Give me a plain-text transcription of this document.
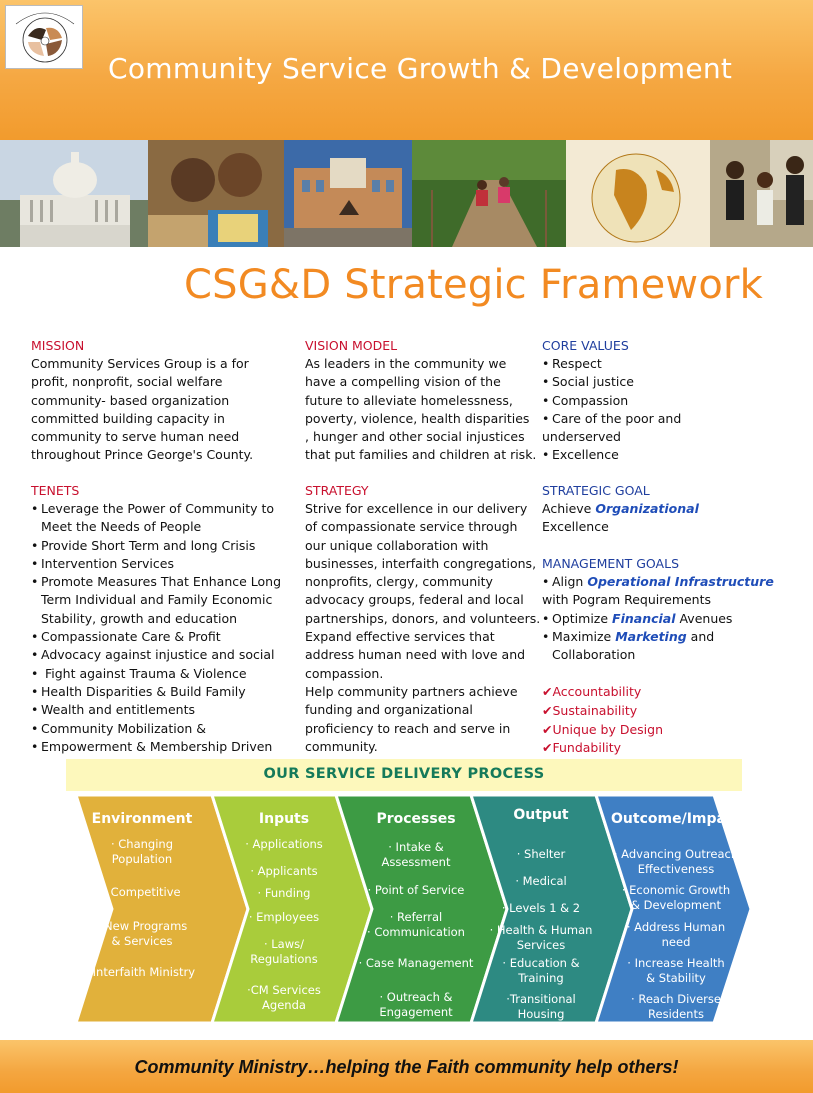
Community Service Growth & Development
CSG&D Strategic Framework
MISSION

Community Services Group is a for

profit, nonprofit, social welfare

community- based organization

committed building capacity in

community to serve human need

throughout Prince George's County.

VISION MODEL

As leaders in the community we

have a compelling vision of the

future to alleviate homelessness,

poverty, violence, health disparities

, hunger and other social injustices

that put families and children at risk.

CORE VALUES
• Respect
• Social justice
• Compassion
• Care of the poor and
underserved
• Excellence
TENETS
• Leverage the Power of Community to
Meet the Needs of People
• Provide Short Term and long Crisis
• Intervention Services
• Promote Measures That Enhance Long
Term Individual and Family Economic
Stability, growth and education
• Compassionate Care & Profit
• Advocacy against injustice and social
• Fight against Trauma & Violence
• Health Disparities & Build Family
• Wealth and entitlements
• Community Mobilization &
• Empowerment & Membership Driven
STRATEGY

Strive for excellence in our delivery

of compassionate service through

our unique collaboration with

businesses, interfaith congregations,

nonprofits, clergy, community

advocacy groups, federal and local

partnerships, donors, and volunteers.

Expand effective services that

address human need with love and

compassion.

Help community partners achieve

funding and organizational

proficiency to reach and serve in

community.

STRATEGIC GOAL

Achieve Organizational

Excellence

MANAGEMENT GOALS
• Align Operational Infrastructure
with Pogram Requirements
• Optimize Financial Avenues
• Maximize Marketing and
Collaboration
✔Accountability
✔Sustainability
✔Unique by Design
✔Fundability
OUR SERVICE DELIVERY PROCESS
Environment
· Changing
Population
· Competitive
· New Programs
& Services
·Interfaith Ministry
Inputs
· Applications
· Applicants
· Funding
· Employees
· Laws/
Regulations
·CM Services
Agenda
Processes
· Intake &
Assessment
· Point of Service
· Referral
· Communication
· Case Management
· Outreach &
Engagement
Output
· Shelter
· Medical
· Levels 1 & 2
· Health & Human
Services
· Education &
Training
·Transitional
Housing
Outcome/Impact
· Advancing Outreach
Effectiveness
· Economic Growth
& Development
· Address Human
need
· Increase Health
& Stability
· Reach Diverse
Residents
Community Ministry…helping the Faith community help others!
